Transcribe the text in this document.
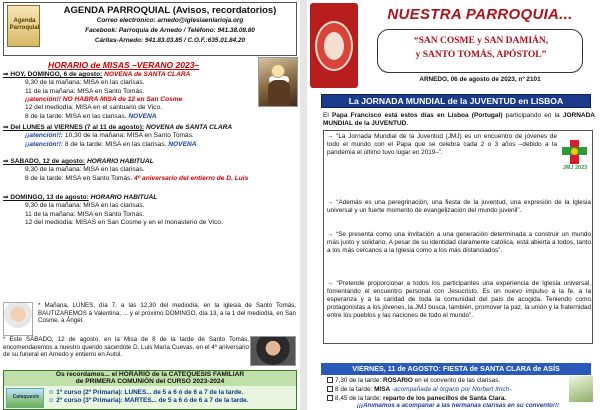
Agenda Parroquial
AGENDA PARROQUIAL (Avisos, recordatorios)
Correo electrónico: arnedo@iglesiaenlarioja.org
Facebook: Parroquia de Arnedo / Teléfono: 941.38.08.80
Cáritas-Arnedo: 941.83.03.85 / C.O.F.:635.01.84.20
HORARIO de MISAS –VERANO 2023–
⇒ HOY, DOMINGO, 6 de agosto: NOVENA de SANTA CLARA
9,30 de la mañana: MISA en las clarisas.
11 de la mañana: MISA en Santo Tomás.
¡¡atención!! NO HABRÁ MISA de 12 en San Cosme
12 del mediodía: MISA en el santuario de Vico.
8 de la tarde: MISA en las clarisas. NOVENA
⇒ Del LUNES al VIERNES (7 al 11 de agosto): NOVENA de SANTA CLARA
¡¡atención!!: 10,30 de la mañana: MISA en Santo Tomás.
¡¡atención!!: 8 de la tarde: MISA en las clarisas. NOVENA
⇒ SÁBADO, 12 de agosto: HORARIO HABITUAL
9,30 de la mañana: MISA en las clarisas.
8 de la tarde: MISA en Santo Tomás. 4º aniversario del entierro de D. Luis
⇒ DOMINGO, 13 de agosto: HORARIO HABITUAL
9,30 de la mañana: MISA en las clarisas.
11 de la mañana: MISA en Santo Tomás.
12 del mediodía: MISAS en San Cosme y en el monasterio de Vico.
* Mañana, LUNES, día 7, a las 12,30 del mediodía, en la iglesia de Santo Tomás, BAUTIZAREMOS a Valentina; ... y el próximo DOMINGO, día 13, a la 1 del mediodía, en San Cosme, a Ángel.
* Este SÁBADO, 12 de agosto, en la Misa de 8 de la tarde de Santo Tomás, encomendaremos a nuestro querido sacerdote D. Luis María Cuevas, en el 4º aniversario de su funeral en Arnedo y entierro en Autol.
Os recordamos... el HORARIO de la CATEQUESIS FAMILIAR
de PRIMERA COMUNIÓN del CURSO 2023-2024
Catequesis
☺ 1º curso (2º Primaria): LUNES... de 5 a 6 ó de 6 a 7 de la tarde.
☺ 2º curso (3º Primaria): MARTES... de 5 a 6 ó de 6 a 7 de la tarde.
NUESTRA PARROQUIA...
“SAN COSME y SAN DAMIÁN,
y SANTO TOMÁS, APÓSTOL”
ARNEDO, 06 de agosto de 2023, nº 2101
La JORNADA MUNDIAL de la JUVENTUD en LISBOA
El Papa Francisco está estos días en Lisboa (Portugal) participando en la JORNADA MUNDIAL de la JUVENTUD.
JMJ 2023
→ “La Jornada Mundial de la Juventud (JMJ) es un encuentro de jóvenes de todo el mundo con el Papa que se celebra cada 2 o 3 años –debido a la pandemia el último tuvo lugar en 2019–”.
→ “Además es una peregrinación, una fiesta de la juventud, una expresión de la Iglesia universal y un fuerte momento de evangelización del mundo juvenil”.
→ “Se presenta como una invitación a una generación determinada a construir un mundo más justo y solidario. A pesar de su identidad claramente católica, está abierta a todos, tanto a los más cercanos a la Iglesia como a los más distanciados”.
→ “Pretende proporcionar a todos los participantes una experiencia de Iglesia universal, fomentando el encuentro personal con Jesucristo. Es un nuevo impulso a la fe, a la esperanza y a la caridad de toda la comunidad del país de acogida. Teniendo como protagonistas a los jóvenes, la JMJ busca, también, promover la paz, la unión y la fraternidad entre los pueblos y las naciones de todo el mundo”.
VIERNES, 11 de AGOSTO: FIESTA de SANTA CLARA de ASÍS
7,30 de la tarde: ROSARIO en el convento de las clarisas.
8 de la tarde: MISA -acompañada al órgano por Norbert Itrich-.
8,45 de la tarde: reparto de los panecillos de Santa Clara.
¡¡¡Animamos a acompañar a las hermanas clarisas en su convento!!!
